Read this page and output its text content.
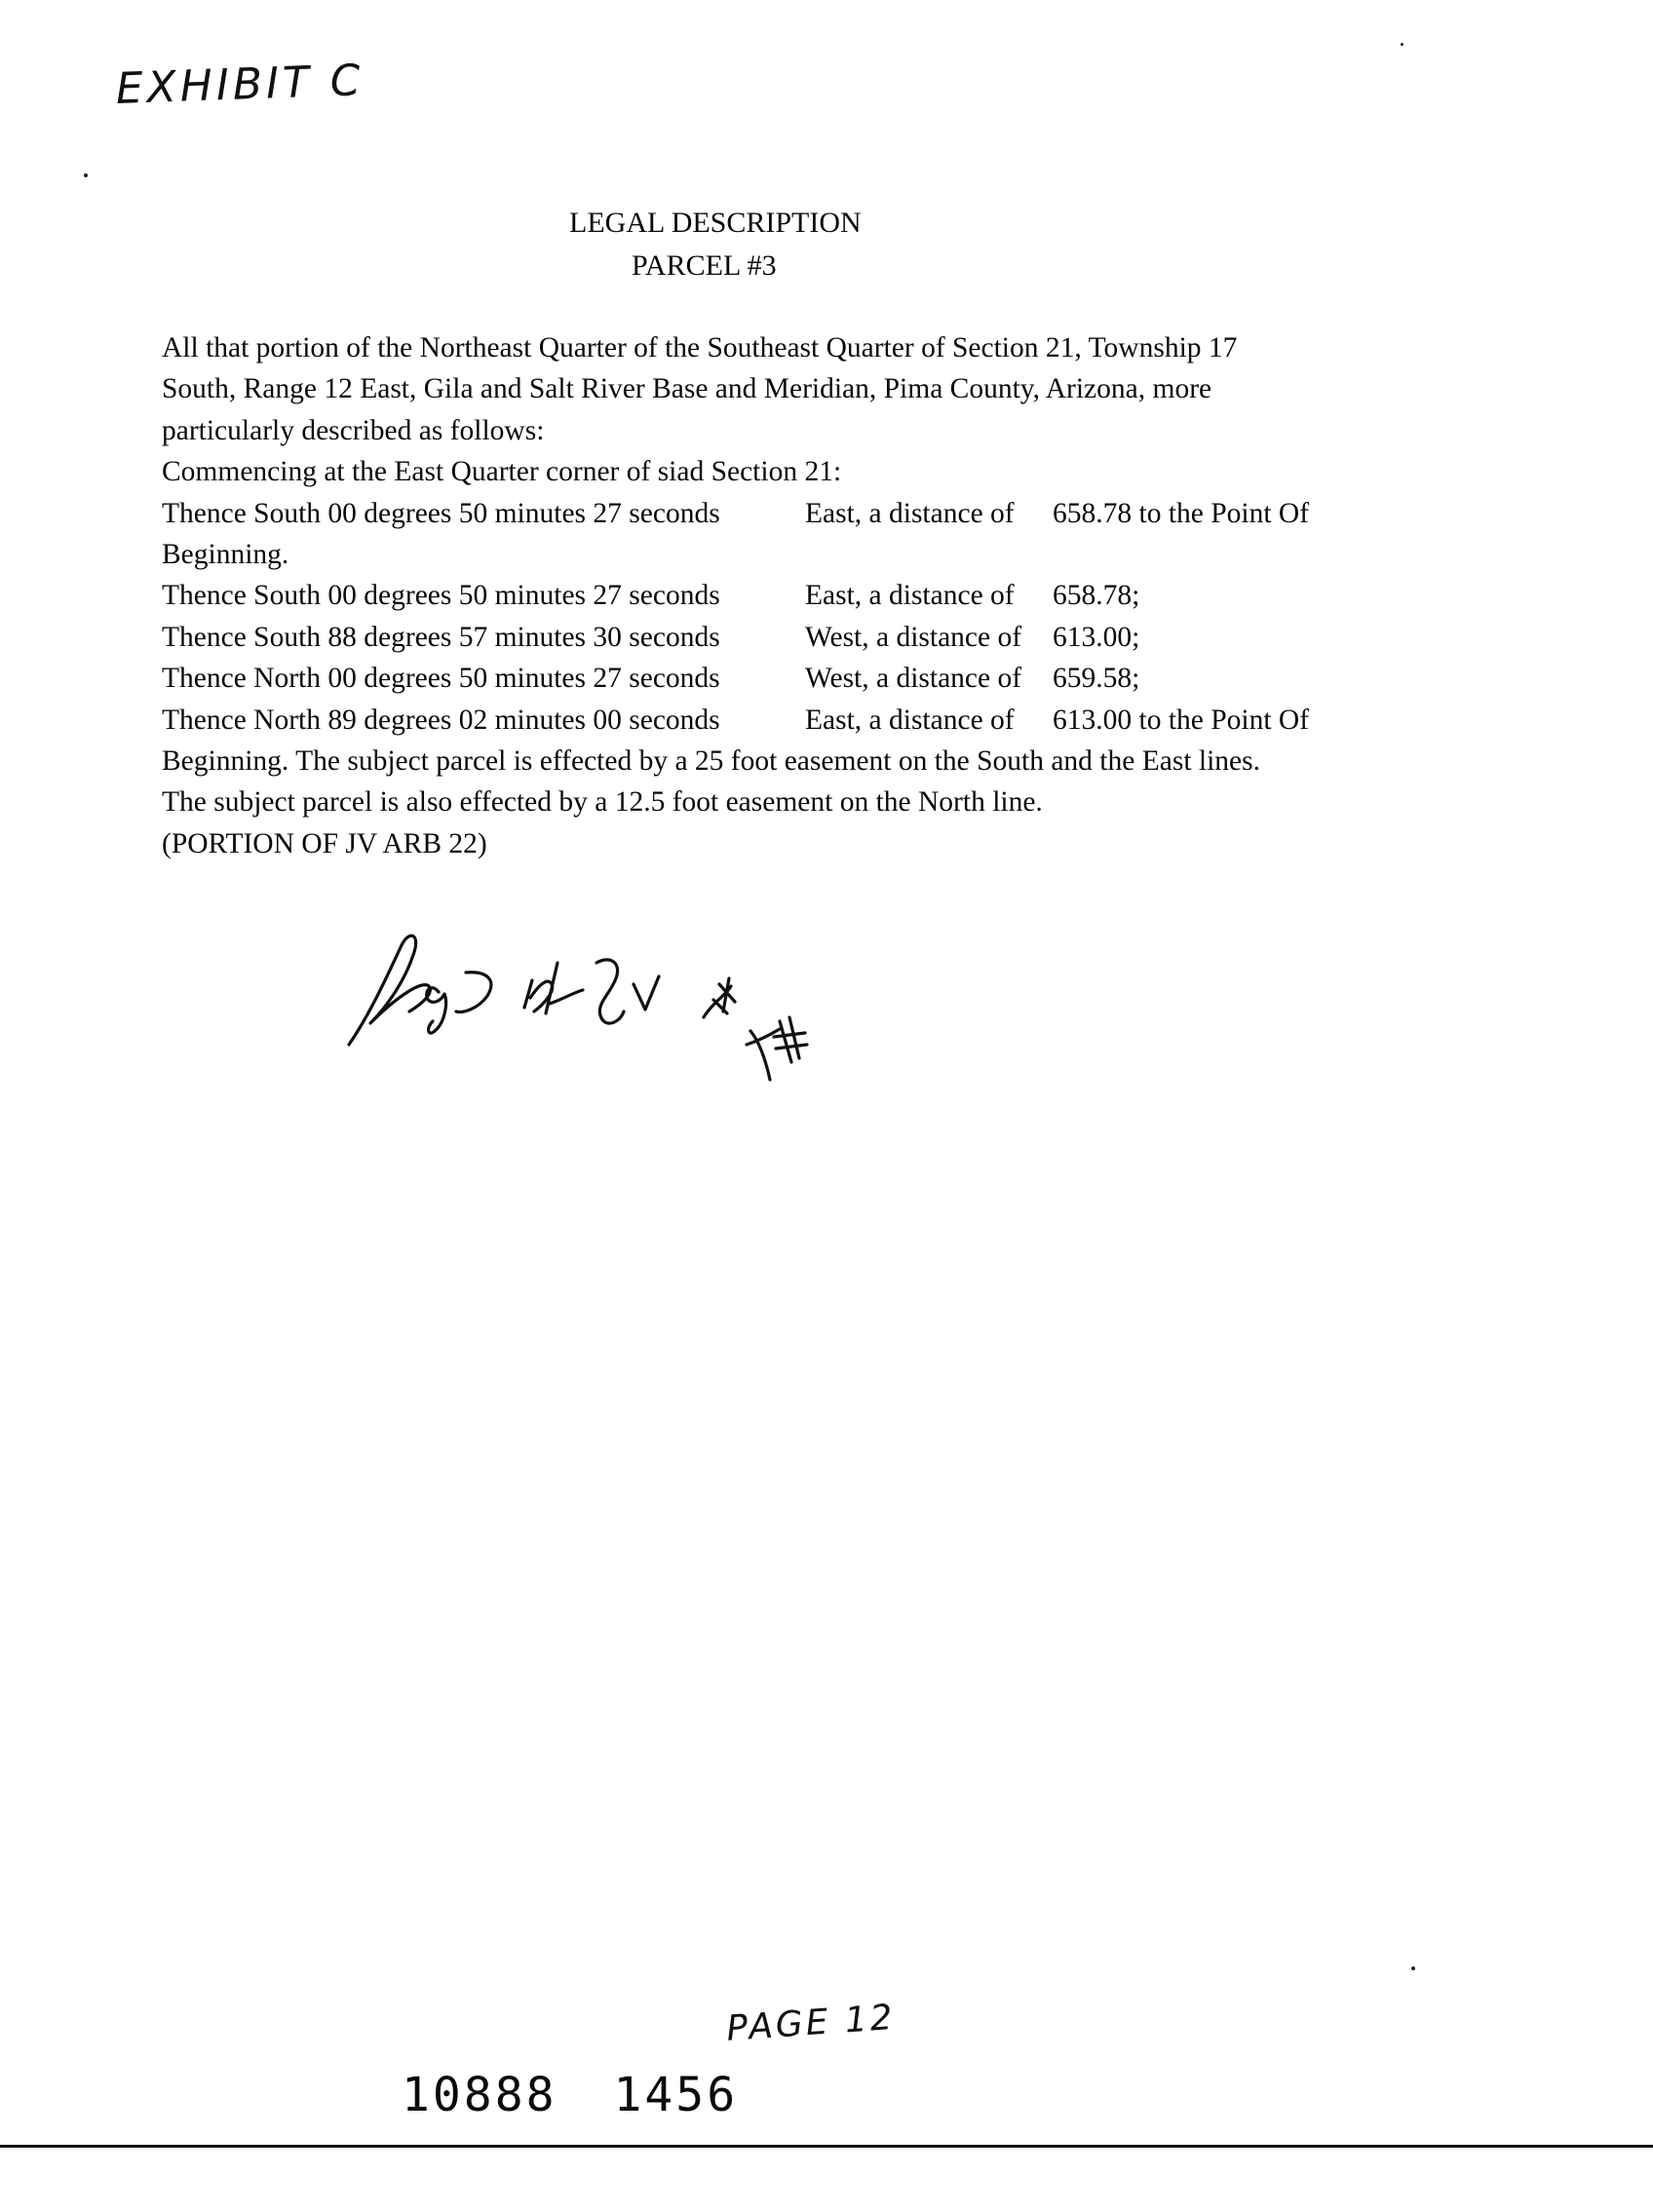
EXHIBIT C
LEGAL DESCRIPTION
PARCEL #3
All that portion of the Northeast Quarter of the Southeast Quarter of Section 21, Township 17
South, Range 12 East, Gila and Salt River Base and Meridian, Pima County, Arizona, more
particularly described as follows:
Commencing at the East Quarter corner of siad Section 21:
Thence South 00 degrees 50 minutes 27 seconds	East, a distance of 658.78 to the Point Of
Beginning.
Thence South 00 degrees 50 minutes 27 seconds	East, a distance of 658.78;
Thence South 88 degrees 57 minutes 30 seconds	West, a distance of 613.00;
Thence North 00 degrees 50 minutes 27 seconds	West, a distance of 659.58;
Thence North 89 degrees 02 minutes 00 seconds	East, a distance of 613.00 to the Point Of
Beginning. The subject parcel is effected by a 25 foot easement on the South and the East lines.
The subject parcel is also effected by a 12.5 foot easement on the North line.
(PORTION OF JV ARB 22)
PAGE 12
10888 1456
